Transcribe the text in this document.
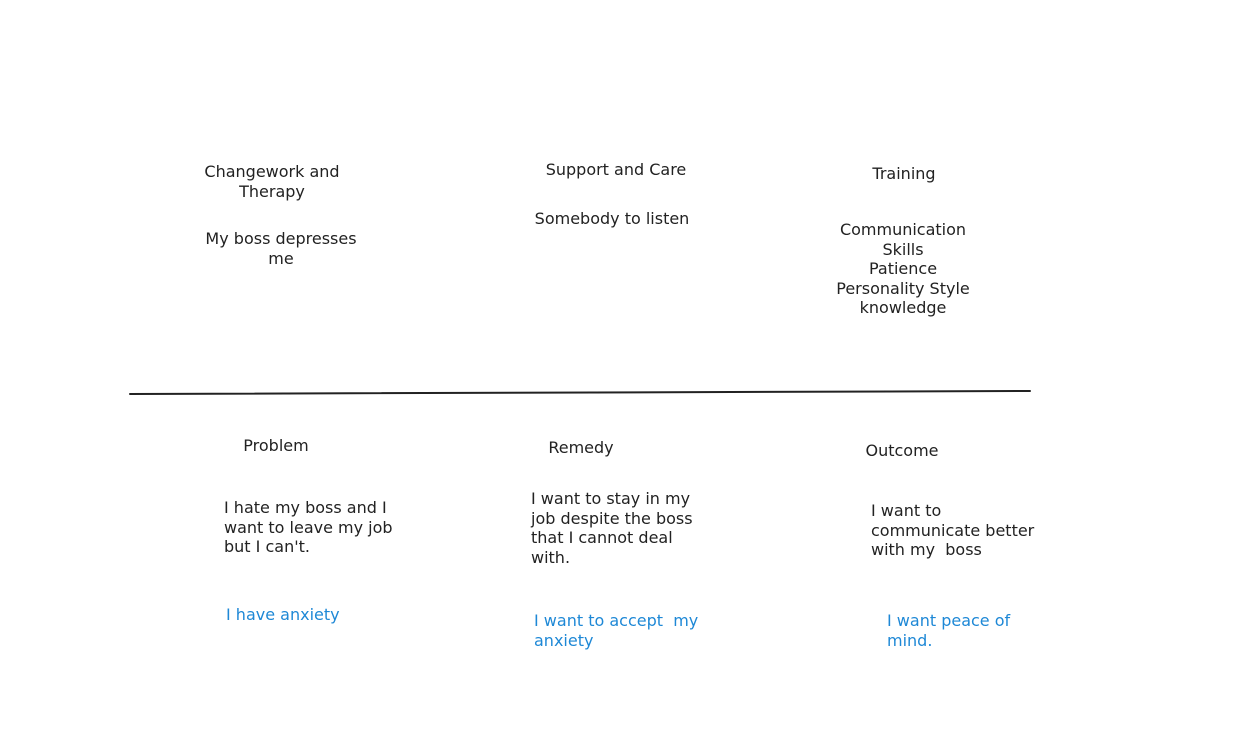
Changework and
Therapy
My boss depresses
me
Support and Care
Somebody to listen
Training
Communication
Skills
Patience
Personality Style
knowledge
Problem
I hate my boss and I
want to leave my job
but I can't.
I have anxiety
Remedy
I want to stay in my
job despite the boss
that I cannot deal
with.
I want to accept  my
anxiety
Outcome
I want to
communicate better
with my  boss
I want peace of
mind.
